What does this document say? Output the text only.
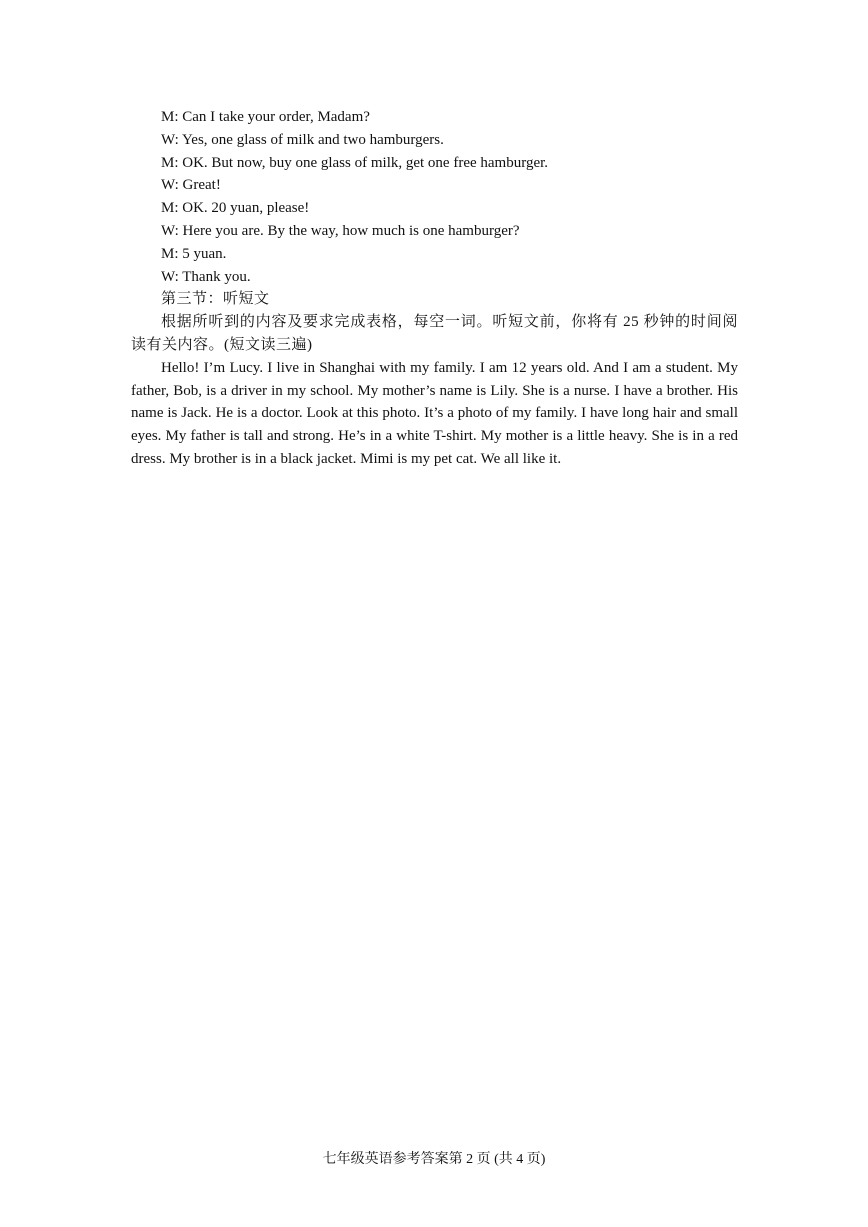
M: Can I take your order, Madam?
W: Yes, one glass of milk and two hamburgers.
M: OK. But now, buy one glass of milk, get one free hamburger.
W: Great!
M: OK. 20 yuan, please!
W: Here you are. By the way, how much is one hamburger?
M: 5 yuan.
W: Thank you.
第三节：听短文

根据所听到的内容及要求完成表格，每空一词。听短文前，你将有 25 秒钟的时间阅读有关内容。(短文读三遍)

Hello! I’m Lucy. I live in Shanghai with my family. I am 12 years old. And I am a student. My father, Bob, is a driver in my school. My mother’s name is Lily. She is a nurse. I have a brother. His name is Jack. He is a doctor. Look at this photo. It’s a photo of my family. I have long hair and small eyes. My father is tall and strong. He’s in a white T-shirt. My mother is a little heavy. She is in a red dress. My brother is in a black jacket. Mimi is my pet cat. We all like it.

七年级英语参考答案第 2 页 (共 4 页)
